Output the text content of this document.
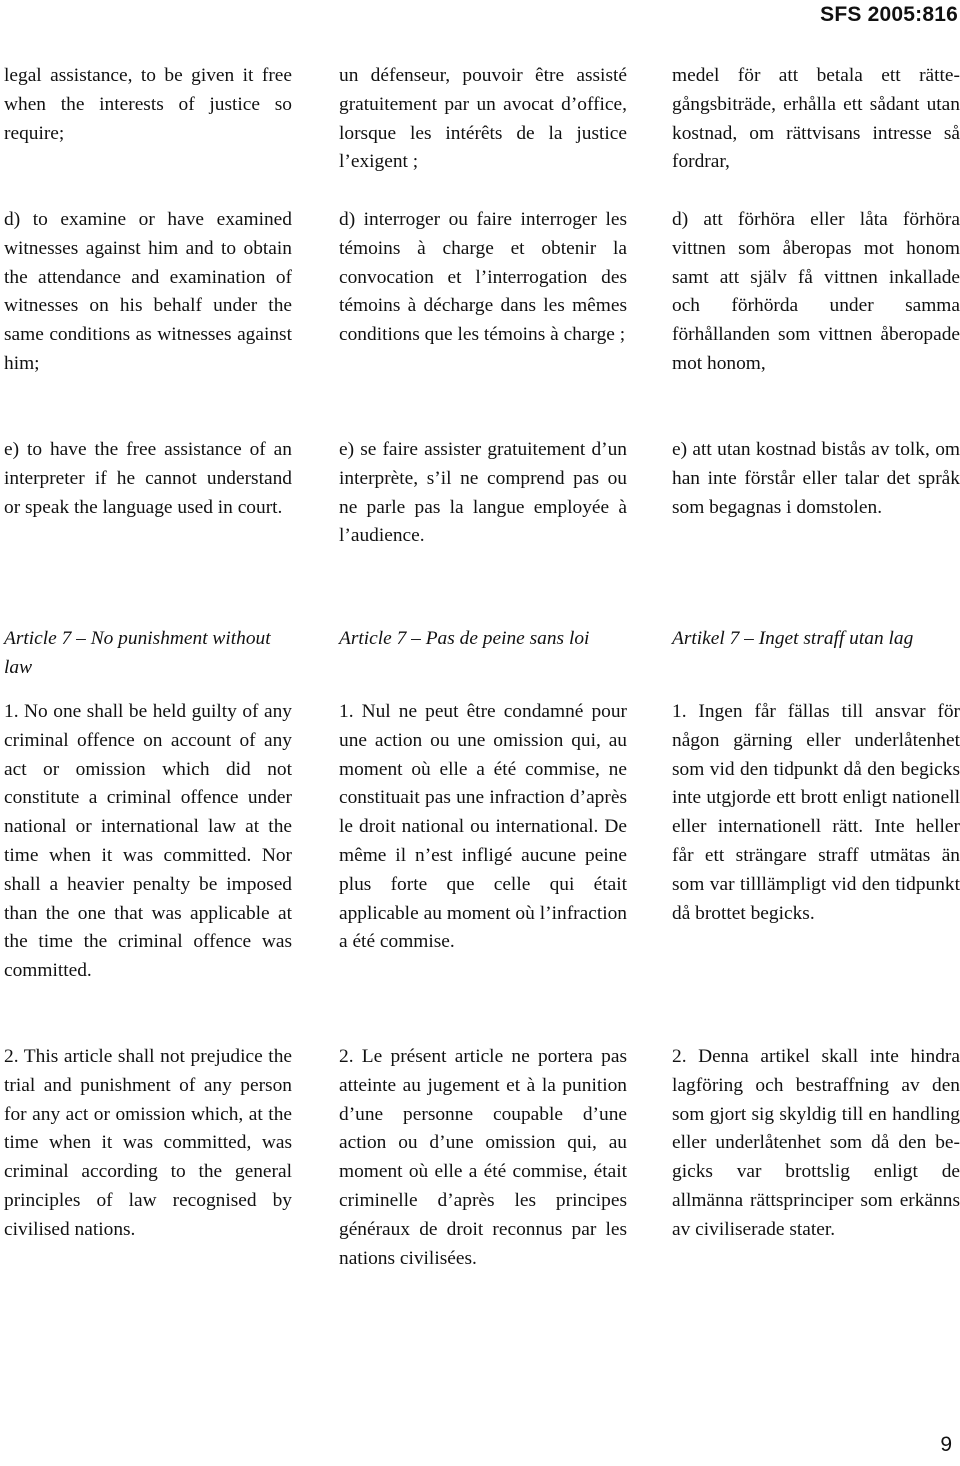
SFS 2005:816

legal assistance, to be given it free when the interests of justice so require;

d) to examine or have examined witnesses against him and to obtain the attendance and examination of witnesses on his behalf under the same conditions as witnesses against him;

e) to have the free assistance of an interpreter if he cannot understand or speak the language used in court.

Article 7 – No punishment without law

1. No one shall be held guilty of any criminal offence on account of any act or omission which did not constitute a criminal offence under national or international law at the time when it was committed. Nor shall a heavier penalty be imposed than the one that was applicable at the time the criminal offence was committed.

2. This article shall not prejudice the trial and punishment of any person for any act or omission which, at the time when it was committed, was criminal according to the general principles of law recognised by civilised nations.

un défenseur, pouvoir être assisté gratuitement par un avocat d’office, lorsque les intérêts de la justice l’exigent ;

d) interroger ou faire interroger les témoins à charge et obtenir la convocation et l’interrogation des témoins à décharge dans les mêmes conditions que les témoins à charge ;

e) se faire assister gratuitement d’un interprète, s’il ne comprend pas ou ne parle pas la langue employée à l’audience.

Article 7 – Pas de peine sans loi

1. Nul ne peut être condamné pour une action ou une omission qui, au moment où elle a été commise, ne constituait pas une infraction d’après le droit national ou international. De même il n’est infligé aucune peine plus forte que celle qui était applicable au moment où l’infraction a été commise.

2. Le présent article ne portera pas atteinte au jugement et à la punition d’une personne coupable d’une action ou d’une omission qui, au moment où elle a été commise, était criminelle d’après les principes généraux de droit reconnus par les nations civilisées.

medel för att betala ett rättegångsbiträde, erhålla ett sådant utan kostnad, om rättvisans intresse så fordrar,

d) att förhöra eller låta förhöra vittnen som åberopas mot honom samt att själv få vittnen inkallade och förhörda under samma förhållanden som vittnen åberopade mot honom,

e) att utan kostnad bistås av tolk, om han inte förstår eller talar det språk som begagnas i domstolen.

Artikel 7 – Inget straff utan lag

1. Ingen får fällas till ansvar för någon gärning eller underlåtenhet som vid den tidpunkt då den begicks inte utgjorde ett brott enligt nationell eller internationell rätt. Inte heller får ett strängare straff utmätas än som var tilllämpligt vid den tidpunkt då brottet begicks.

2. Denna artikel skall inte hindra lagföring och bestraffning av den som gjort sig skyldig till en handling eller underlåtenhet som då den begicks var brottslig enligt de allmänna rättsprinciper som erkänns av civiliserade stater.

9
